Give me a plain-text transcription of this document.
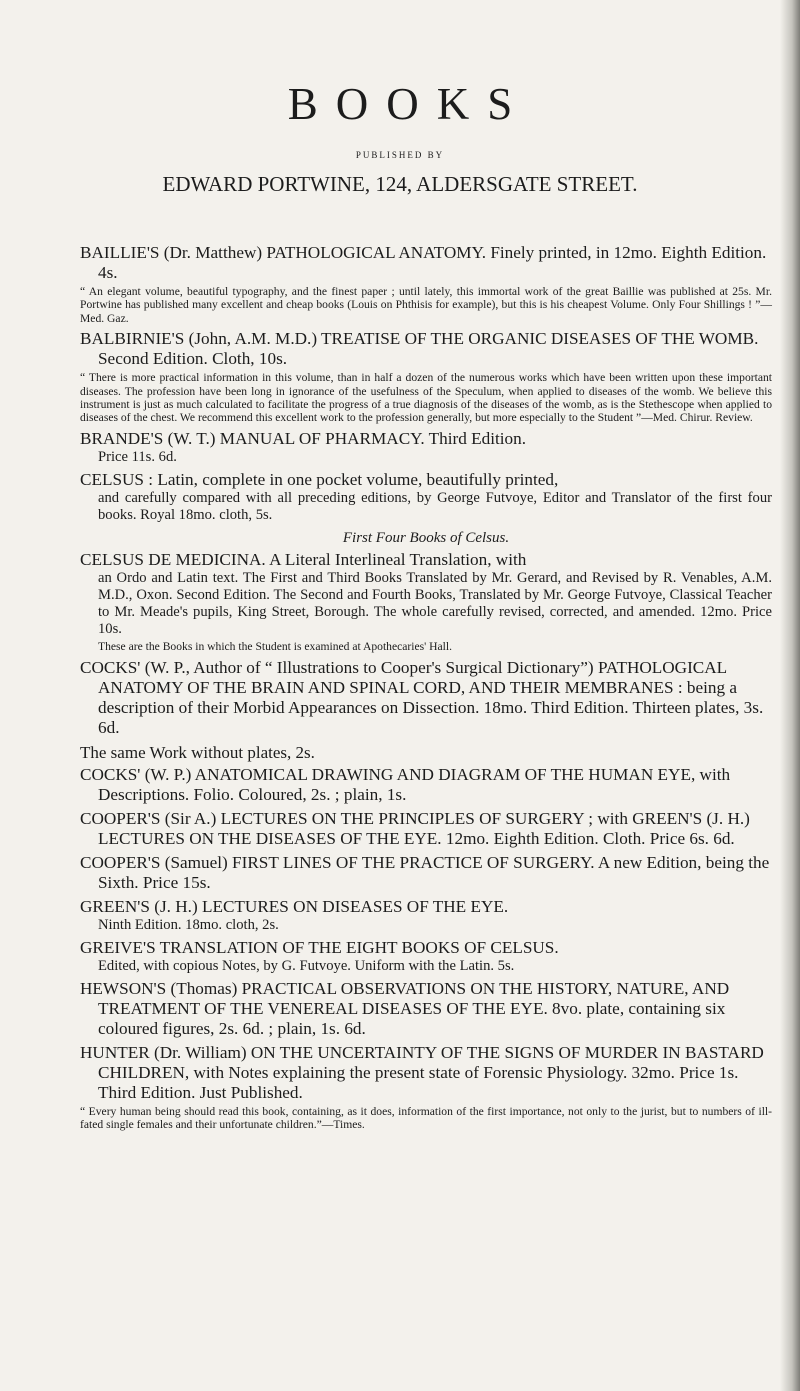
BOOKS
PUBLISHED BY
EDWARD PORTWINE, 124, ALDERSGATE STREET.

BAILLIE'S (Dr. Matthew) PATHOLOGICAL ANATOMY. Finely printed, in 12mo. Eighth Edition. 4s.

“ An elegant volume, beautiful typography, and the finest paper ; until lately, this immortal work of the great Baillie was published at 25s. Mr. Portwine has published many excellent and cheap books (Louis on Phthisis for example), but this is his cheapest Volume. Only Four Shillings ! ”—Med. Gaz.

BALBIRNIE'S (John, A.M. M.D.) TREATISE OF THE ORGANIC DISEASES OF THE WOMB. Second Edition. Cloth, 10s.

“ There is more practical information in this volume, than in half a dozen of the numerous works which have been written upon these important diseases. The profession have been long in ignorance of the usefulness of the Speculum, when applied to diseases of the womb. We believe this instrument is just as much calculated to facilitate the progress of a true diagnosis of the diseases of the womb, as is the Stethescope when applied to diseases of the chest. We recommend this excellent work to the profession generally, but more especially to the Student ”—Med. Chirur. Review.

BRANDE'S (W. T.) MANUAL OF PHARMACY. Third Edition.

Price 11s. 6d.

CELSUS : Latin, complete in one pocket volume, beautifully printed,

and carefully compared with all preceding editions, by George Futvoye, Editor and Translator of the first four books. Royal 18mo. cloth, 5s.

First Four Books of Celsus.

CELSUS DE MEDICINA. A Literal Interlineal Translation, with

an Ordo and Latin text. The First and Third Books Translated by Mr. Gerard, and Revised by R. Venables, A.M. M.D., Oxon. Second Edition. The Second and Fourth Books, Translated by Mr. George Futvoye, Classical Teacher to Mr. Meade's pupils, King Street, Borough. The whole carefully revised, corrected, and amended. 12mo. Price 10s.

These are the Books in which the Student is examined at Apothecaries' Hall.

COCKS' (W. P., Author of “ Illustrations to Cooper's Surgical Dictionary”) PATHOLOGICAL ANATOMY OF THE BRAIN AND SPINAL CORD, AND THEIR MEMBRANES : being a description of their Morbid Appearances on Dissection. 18mo. Third Edition. Thirteen plates, 3s. 6d.

The same Work without plates, 2s.

COCKS' (W. P.) ANATOMICAL DRAWING AND DIAGRAM OF THE HUMAN EYE, with Descriptions. Folio. Coloured, 2s. ; plain, 1s.

COOPER'S (Sir A.) LECTURES ON THE PRINCIPLES OF SURGERY ; with GREEN'S (J. H.) LECTURES ON THE DISEASES OF THE EYE. 12mo. Eighth Edition. Cloth. Price 6s. 6d.

COOPER'S (Samuel) FIRST LINES OF THE PRACTICE OF SURGERY. A new Edition, being the Sixth. Price 15s.

GREEN'S (J. H.) LECTURES ON DISEASES OF THE EYE.

Ninth Edition. 18mo. cloth, 2s.

GREIVE'S TRANSLATION OF THE EIGHT BOOKS OF CELSUS.

Edited, with copious Notes, by G. Futvoye. Uniform with the Latin. 5s.

HEWSON'S (Thomas) PRACTICAL OBSERVATIONS ON THE HISTORY, NATURE, AND TREATMENT OF THE VENEREAL DISEASES OF THE EYE. 8vo. plate, containing six coloured figures, 2s. 6d. ; plain, 1s. 6d.

HUNTER (Dr. William) ON THE UNCERTAINTY OF THE SIGNS OF MURDER IN BASTARD CHILDREN, with Notes explaining the present state of Forensic Physiology. 32mo. Price 1s. Third Edition. Just Published.

“ Every human being should read this book, containing, as it does, information of the first importance, not only to the jurist, but to numbers of ill-fated single females and their unfortunate children.”—Times.
